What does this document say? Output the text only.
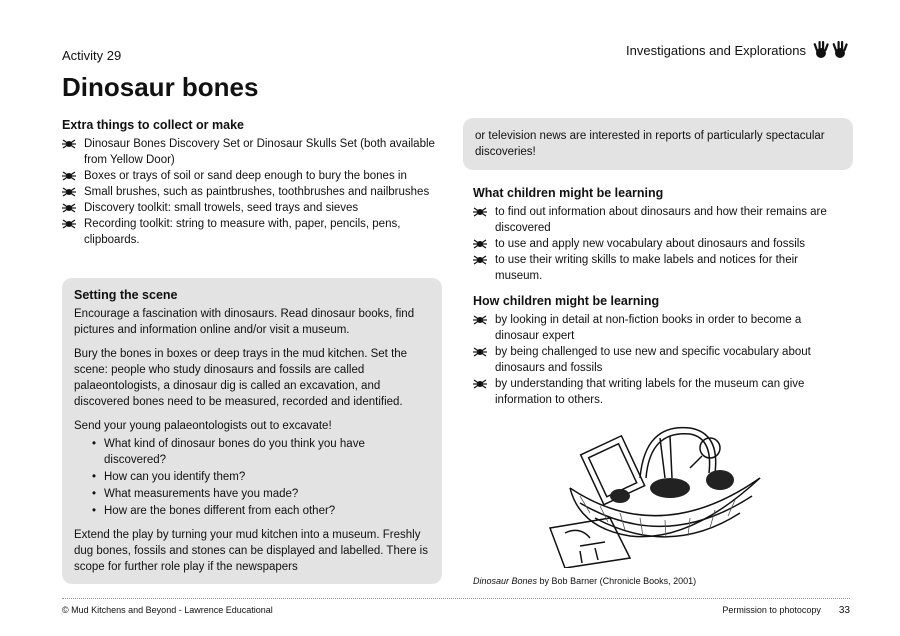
Activity 29	Investigations and Explorations
Dinosaur bones
Extra things to collect or make
Dinosaur Bones Discovery Set or Dinosaur Skulls Set (both available from Yellow Door)
Boxes or trays of soil or sand deep enough to bury the bones in
Small brushes, such as paintbrushes, toothbrushes and nailbrushes
Discovery toolkit: small trowels, seed trays and sieves
Recording toolkit: string to measure with, paper, pencils, pens, clipboards.
Setting the scene

Encourage a fascination with dinosaurs. Read dinosaur books, find pictures and information online and/or visit a museum.

Bury the bones in boxes or deep trays in the mud kitchen. Set the scene: people who study dinosaurs and fossils are called palaeontologists, a dinosaur dig is called an excavation, and discovered bones need to be measured, recorded and identified.

Send your young palaeontologists out to excavate!

• What kind of dinosaur bones do you think you have discovered?
• How can you identify them?
• What measurements have you made?
• How are the bones different from each other?

Extend the play by turning your mud kitchen into a museum. Freshly dug bones, fossils and stones can be displayed and labelled. There is scope for further role play if the newspapers

or television news are interested in reports of particularly spectacular discoveries!
What children might be learning
to find out information about dinosaurs and how their remains are discovered
to use and apply new vocabulary about dinosaurs and fossils
to use their writing skills to make labels and notices for their museum.
How children might be learning
by looking in detail at non-fiction books in order to become a dinosaur expert
by being challenged to use new and specific vocabulary about dinosaurs and fossils
by understanding that writing labels for the museum can give information to others.
Dinosaur Bones by Bob Barner (Chronicle Books, 2001)
© Mud Kitchens and Beyond - Lawrence Educational	Permission to photocopy 33
